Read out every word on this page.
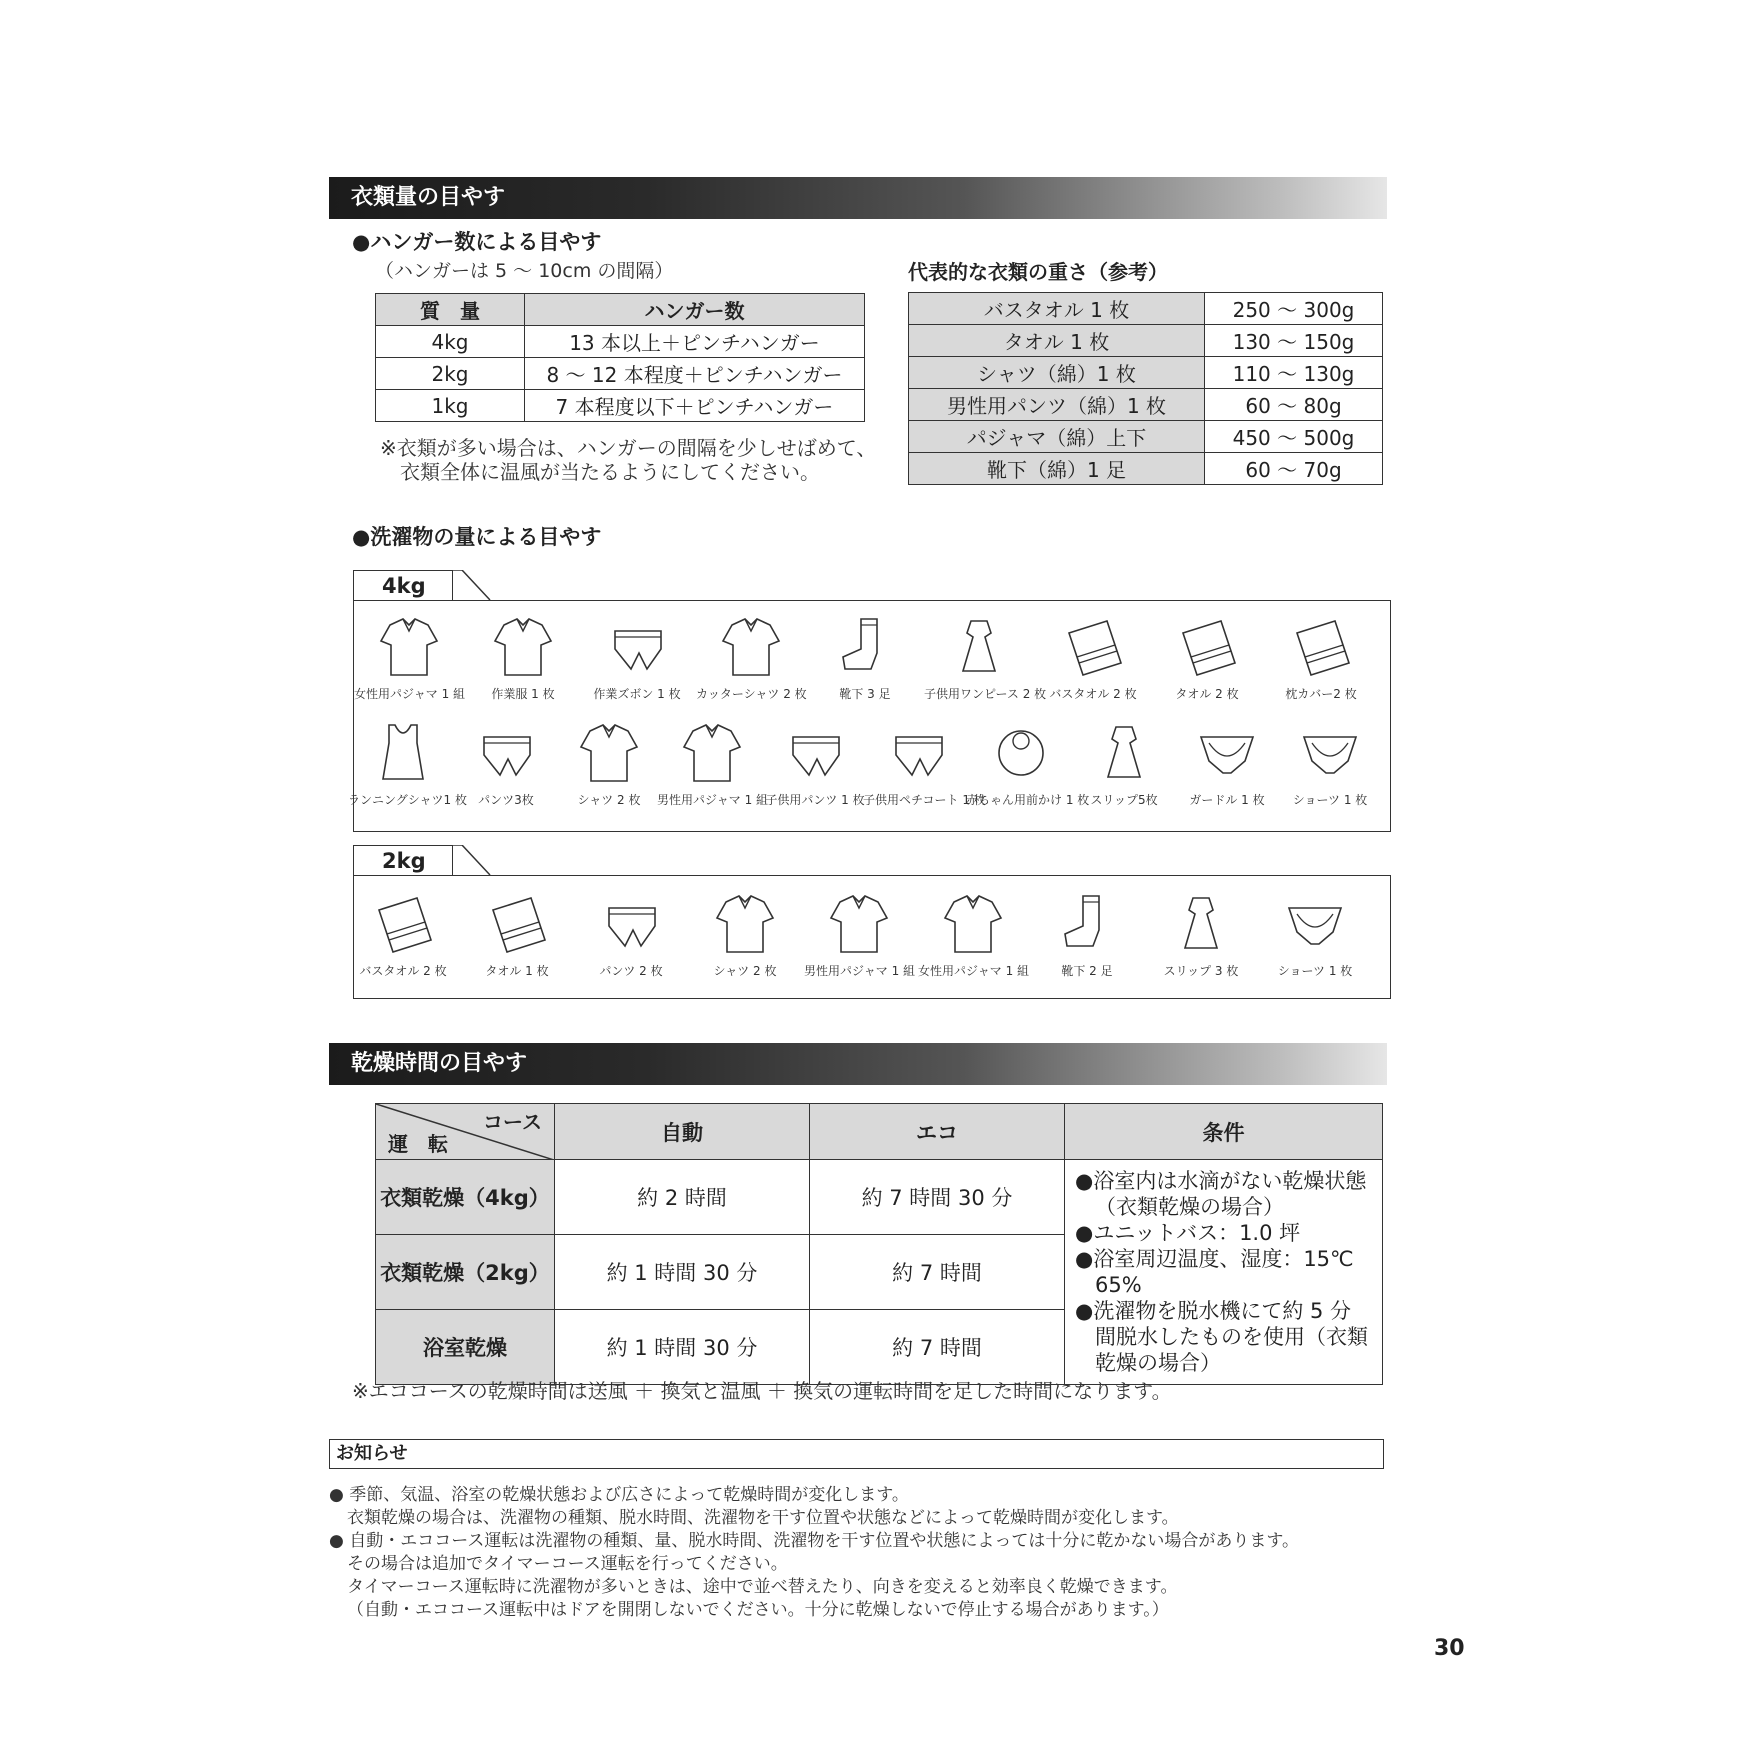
衣類量の目やす
●ハンガー数による目やす
（ハンガーは 5 ～ 10cm の間隔）
質　量	ハンガー数
4kg	13 本以上＋ピンチハンガー
2kg	8 ～ 12 本程度＋ピンチハンガー
1kg	7 本程度以下＋ピンチハンガー
※衣類が多い場合は、ハンガーの間隔を少しせばめて、
衣類全体に温風が当たるようにしてください。
代表的な衣類の重さ（参考）
バスタオル 1 枚	250 ～ 300g
タオル 1 枚	130 ～ 150g
シャツ（綿）1 枚	110 ～ 130g
男性用パンツ（綿）1 枚	60 ～ 80g
パジャマ（綿）上下	450 ～ 500g
靴下（綿）1 足	60 ～ 70g
●洗濯物の量による目やす
4kg
女性用パジャマ 1 組	作業服 1 枚	作業ズボン 1 枚	カッターシャツ 2 枚	靴下 3 足	子供用ワンピース 2 枚 バスタオル 2 枚	タオル 2 枚	枕カバー2 枚
ランニングシャツ1 枚 パンツ3枚	シャツ 2 枚	男性用パジャマ 1 組
子供用パンツ 1 枚
子供用ペチコート 1 枚
赤ちゃん用前かけ 1 枚 スリップ5枚	ガードル 1 枚	ショーツ 1 枚
2kg
バスタオル 2 枚	タオル 1 枚	パンツ 2 枚	シャツ 2 枚	男性用パジャマ 1 組 女性用パジャマ 1 組	靴下 2 足	スリップ 3 枚	ショーツ 1 枚
乾燥時間の目やす
コース
運　転	自動	エコ	条件
衣類乾燥（4kg）	約 2 時間	約 7 時間 30 分	●浴室内は水滴がない乾燥状態（衣類乾燥の場合）
●ユニットバス：1.0 坪
●浴室周辺温度、湿度：15℃　65%
●洗濯物を脱水機にて約 5 分間脱水したものを使用（衣類乾燥の場合）

衣類乾燥（2kg）	約 1 時間 30 分	約 7 時間	
浴室乾燥	約 1 時間 30 分	約 7 時間	
※エココースの乾燥時間は送風 ＋ 換気と温風 ＋ 換気の運転時間を足した時間になります。
お知らせ
● 季節、気温、浴室の乾燥状態および広さによって乾燥時間が変化します。
衣類乾燥の場合は、洗濯物の種類、脱水時間、洗濯物を干す位置や状態などによって乾燥時間が変化します。
● 自動・エココース運転は洗濯物の種類、量、脱水時間、洗濯物を干す位置や状態によっては十分に乾かない場合があります。
その場合は追加でタイマーコース運転を行ってください。
タイマーコース運転時に洗濯物が多いときは、途中で並べ替えたり、向きを変えると効率良く乾燥できます。
（自動・エココース運転中はドアを開閉しないでください。十分に乾燥しないで停止する場合があります。）
30
